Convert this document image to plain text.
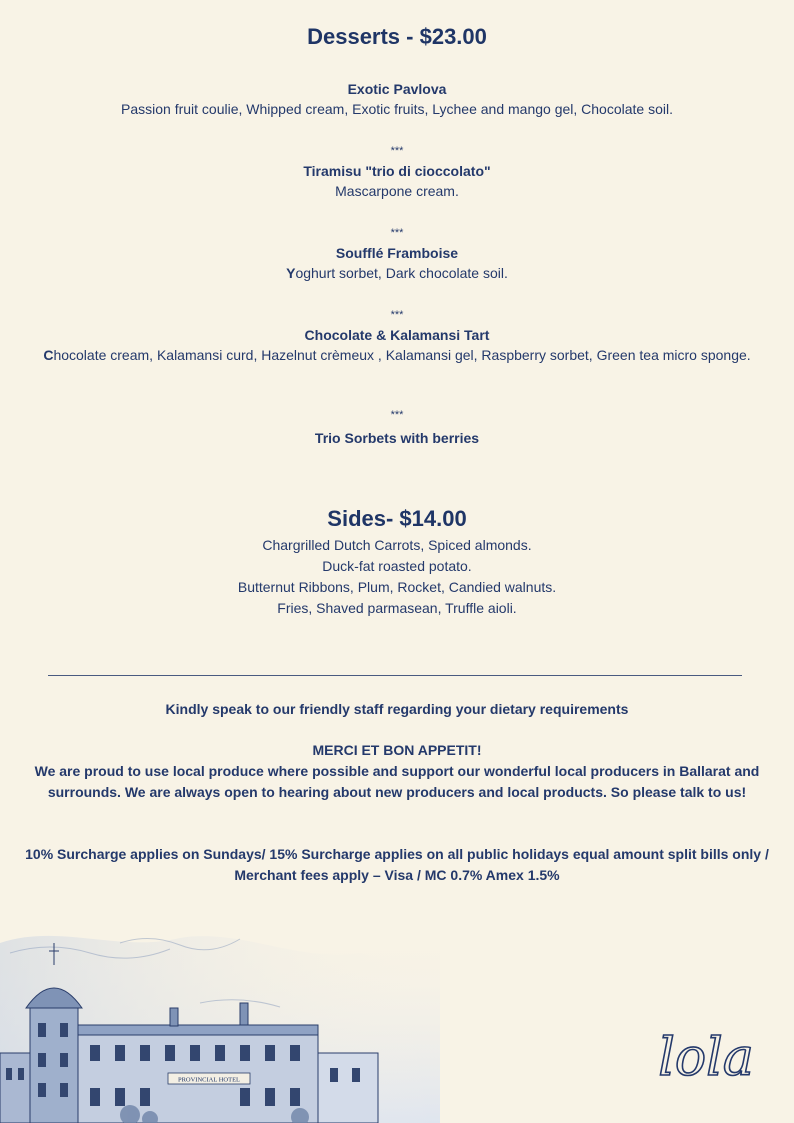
Desserts - $23.00
Exotic Pavlova
Passion fruit coulie, Whipped cream, Exotic fruits, Lychee and mango gel, Chocolate soil.
***
Tiramisu "trio di cioccolato"
Mascarpone cream.
***
Soufflé Framboise
Yoghurt sorbet, Dark chocolate soil.
***
Chocolate & Kalamansi Tart
Chocolate cream, Kalamansi curd, Hazelnut crèmeux , Kalamansi gel, Raspberry sorbet, Green tea micro sponge.
***
Trio Sorbets with berries
Sides- $14.00
Chargrilled Dutch Carrots, Spiced almonds.
Duck-fat roasted potato.
Butternut Ribbons, Plum, Rocket, Candied walnuts.
Fries, Shaved parmasean, Truffle aioli.
Kindly speak to our friendly staff regarding your dietary requirements
MERCI ET BON APPETIT!
We are proud to use local produce where possible and support our wonderful local producers in Ballarat and surrounds. We are always open to hearing about new producers and local products. So please talk to us!
10% Surcharge applies on Sundays/ 15% Surcharge applies on all public holidays equal amount split bills only / Merchant fees apply – Visa / MC 0.7% Amex 1.5%
PROVINCIAL HOTEL	lola
